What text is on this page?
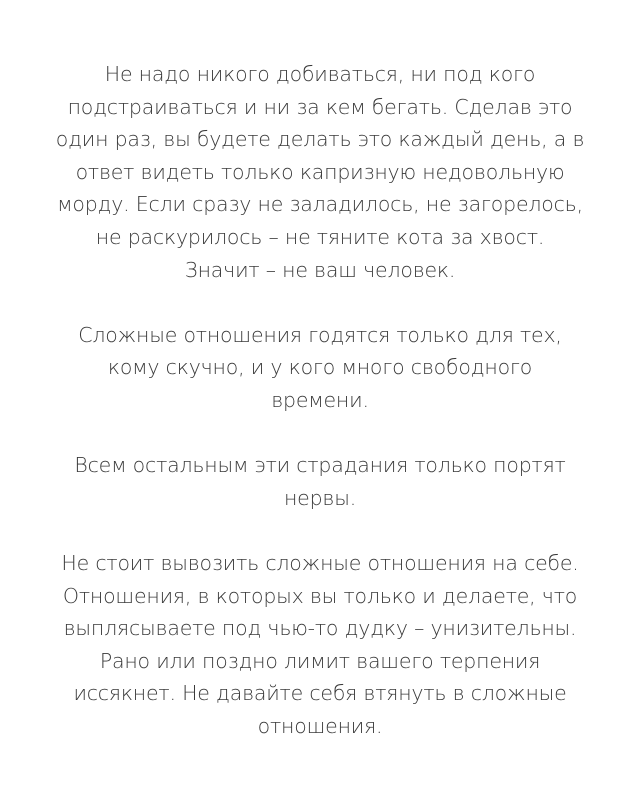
Не надо никого добиваться, ни под кого
подстраиваться и ни за кем бегать. Сделав это
один раз, вы будете делать это каждый день, а в
ответ видеть только капризную недовольную
морду. Если сразу не заладилось, не загорелось,
не раскурилось – не тяните кота за хвост.
Значит – не ваш человек.
Сложные отношения годятся только для тех,
кому скучно, и у кого много свободного
времени.
Всем остальным эти страдания только портят
нервы.
Не стоит вывозить сложные отношения на себе.
Отношения, в которых вы только и делаете, что
выплясываете под чью-то дудку – унизительны.
Рано или поздно лимит вашего терпения
иссякнет. Не давайте себя втянуть в сложные
отношения.
